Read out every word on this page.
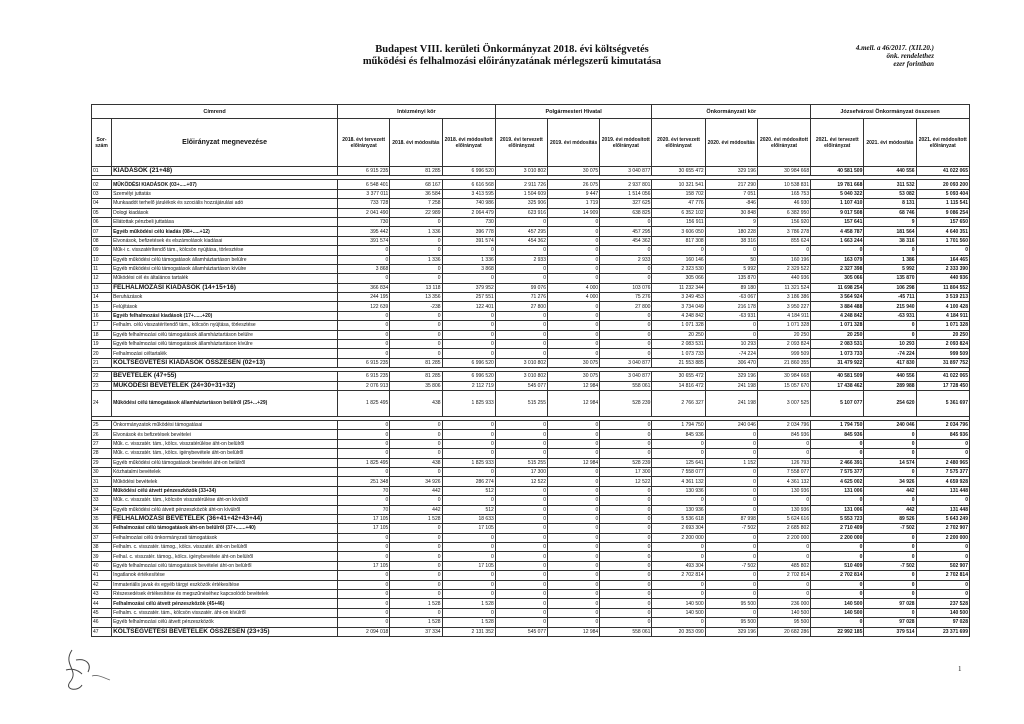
Budapest VIII. kerületi Önkormányzat 2018. évi költségvetés
működési és felhalmozási előirányzatának mérlegszerű kimutatása
4.mell. a 46/2017. (XII.20.)
önk. rendelethez
ezer forintban
Címrend		Intézményi kör			Polgármesteri Hivatal			Önkormányzati kör			Józsefvárosi Önkormányzat összesen		
Sor-szám	Előirányzat megnevezése	2018. évi tervezett előirányzat	2018. évi módosítás	2018. évi módosított előirányzat	2019. évi tervezett előirányzat	2019. évi módosítás	2019. évi módosított előirányzat	2020. évi tervezett előirányzat	2020. évi módosítás	2020. évi módosított előirányzat	2021. évi tervezett előirányzat	2021. évi módosítás	2021. évi módosított előirányzat
01	KIADÁSOK (21+48)	6 915 235	81 285	6 996 520	3 010 802	30 075	3 040 877	30 655 472	329 196	30 984 668	40 581 509	440 556	41 022 065

02	MŰKÖDÉSI KIADÁSOK (03+.....+07)	6 548 401	68 167	6 616 568	2 911 726	26 075	2 937 801	10 321 541	217 290	10 538 831	19 781 668	311 532	20 093 200
03	Személyi juttatás	3 377 011	36 584	3 413 595	1 504 609	9 447	1 514 056	158 702	7 051	165 753	5 040 322	53 082	5 093 404
04	Munkaadót terhelő járulékok és szociális hozzájárulási adó	733 728	7 258	740 986	325 906	1 719	327 625	47 776	-846	46 930	1 107 410	8 131	1 115 541
05	Dologi kiadások	2 041 490	22 989	2 064 479	623 916	14 909	638 825	6 352 102	30 848	6 382 950	9 017 508	68 746	9 086 254
06	Ellátottak pénzbeli juttatása	730	0	730	0	0	0	156 911	9	156 920	157 641	9	157 650
07	Egyéb működési célú kiadás (08+.....+12)	395 442	1 336	396 778	457 295	0	457 295	3 606 050	180 228	3 786 278	4 458 787	181 564	4 640 351
08	Elvonások, befizetések és elszámolások kiadásai	391 574	0	391 574	454 362	0	454 362	817 308	38 316	855 624	1 663 244	38 316	1 701 560
09	Műk-i c. visszatérítendő tám., kölcsön nyújtása, törlesztése	0	0	0	0	0	0	0	0	0	0	0	0
10	Egyéb működési célú támogatások államháztartáson belülre	0	1 336	1 336	2 933	0	2 933	160 146	50	160 196	163 079	1 386	164 465
11	Egyéb működési célú támogatások államháztartáson kívülre	3 868	0	3 868	0	0	0	2 323 530	5 992	2 329 522	2 327 398	5 992	2 333 390
12	Működési cél és általános tartalék	0	0	0	0	0	0	305 066	135 870	440 936	305 066	135 870	440 936
13	FELHALMOZÁSI KIADÁSOK (14+15+16)	366 834	13 118	379 952	99 076	4 000	103 076	11 232 344	89 180	11 321 524	11 698 254	106 298	11 804 552
14	Beruházások	244 195	13 356	257 551	71 276	4 000	75 276	3 249 453	-63 067	3 186 386	3 564 924	-45 711	3 519 213
15	Felújítások	122 639	-238	122 401	27 800	0	27 800	3 734 049	216 178	3 950 227	3 884 488	215 940	4 100 428
16	Egyéb felhalmozási kiadások (17+......+20)	0	0	0	0	0	0	4 248 842	-63 931	4 184 911	4 248 842	-63 931	4 184 911
17	Felhalm. célú visszatérítendő tám., kölcsön nyújtása, törlesztése	0	0	0	0	0	0	1 071 328	0	1 071 328	1 071 328	0	1 071 328
18	Egyéb felhalmozási célú támogatások államháztartáson belülre	0	0	0	0	0	0	20 250	0	20 250	20 250	0	20 250
19	Egyéb felhalmozási célú támogatások államháztartáson kívülre	0	0	0	0	0	0	2 083 531	10 293	2 093 824	2 083 531	10 293	2 093 824
20	Felhalmozási céltartalék	0	0	0	0	0	0	1 073 733	-74 224	999 509	1 073 733	-74 224	999 509
21	KÖLTSÉGVETÉSI KIADÁSOK ÖSSZESEN (02+13)	6 915 235	81 285	6 996 520	3 010 802	30 075	3 040 877	21 553 885	306 470	21 860 355	31 479 922	417 830	31 897 752

22	BEVÉTELEK (47+55)	6 915 235	81 285	6 996 520	3 010 802	30 075	3 040 877	30 655 472	329 196	30 984 668	40 581 509	440 556	41 022 065
23	MŰKÖDÉSI BEVÉTELEK (24+30+31+32)	2 076 913	35 806	2 112 719	545 077	12 984	558 061	14 816 472	241 198	15 057 670	17 438 462	289 988	17 728 450
24	Működési célú támogatások államháztartáson belülről (25+...+29)	1 825 495	438	1 825 933	515 255	12 984	528 239	2 766 327	241 198	3 007 525	5 107 077	254 620	5 361 697

25	Önkormányzatok működési támogatásai	0	0	0	0	0	0	1 794 750	240 046	2 034 796	1 794 750	240 046	2 034 796
26	Elvonások és befizetések bevételei	0	0	0	0	0	0	845 936	0	845 936	845 936	0	845 936
27	Műk. c. visszatér. tám., kölcs. visszatérülése áht-on belülről	0	0	0	0	0	0	0	0	0	0	0	0
28	Műk. c. visszatér. tám., kölcs. igénybevétele áht-on belülről	0	0	0	0	0	0	0	0	0	0	0	0
29	Egyéb működési célú támogatások bevételei áht-on belülről	1 825 495	438	1 825 933	515 255	12 984	528 239	125 641	1 152	126 793	2 466 391	14 574	2 480 965
30	Közhatalmi bevételek	0	0	0	17 300	0	17 300	7 558 077	0	7 558 077	7 575 377	0	7 575 377
31	Működési bevételek	251 348	34 926	286 274	12 522	0	12 522	4 361 132	0	4 361 132	4 625 002	34 926	4 659 928
32	Működési célú átvett pénzeszközök (33+34)	70	442	512	0	0	0	130 936	0	130 936	131 006	442	131 448
33	Műk. c. visszatér. tám., kölcsön visszatérülése áht-on kívülről	0	0	0	0	0	0	0	0	0	0	0	0
34	Egyéb működési célú átvett pénzeszközök áht-on kívülről	70	442	512	0	0	0	130 936	0	130 936	131 006	442	131 448
35	FELHALMOZÁSI BEVÉTELEK (36+41+42+43+44)	17 105	1 528	18 633	0	0	0	5 536 618	87 998	5 624 616	5 553 723	89 526	5 643 249
36	Felhalmozási célú támogatások áht-on belülről (37+.......+40)	17 105	0	17 105	0	0	0	2 693 304	-7 502	2 685 802	2 710 409	-7 502	2 702 907
37	Felhalmozási célú önkormányzati támogatások	0	0	0	0	0	0	2 200 000	0	2 200 000	2 200 000	0	2 200 000
38	Felhalm. c. visszatér. támog., kölcs. visszatér. áht-on belülről	0	0	0	0	0	0	0	0	0	0	0	0
39	Felhal. c. visszatér. támog., kölcs. igénybevétele áht-on belülről	0	0	0	0	0	0	0	0	0	0	0	0
40	Egyéb felhalmozási célú támogatások bevételei áht-on belülről	17 105	0	17 105	0	0	0	493 304	-7 502	485 802	510 409	-7 502	502 907
41	Ingatlanok értékesítése	0	0	0	0	0	0	2 702 814	0	2 702 814	2 702 814	0	2 702 814
42	Immateriális javak és egyéb tárgyi eszközök értékesítése	0	0	0	0	0	0	0	0	0	0	0	0
43	Részesedések értékesítése és megszűnéséhez kapcsolódó bevételek	0	0	0	0	0	0	0	0	0	0	0	0
44	Felhalmozási célú átvett pénzeszközök (45+46)	0	1 528	1 528	0	0	0	140 500	95 500	236 000	140 500	97 028	237 528
45	Felhalm. c. visszatér. tám., kölcsön visszatér. áht-on kívülről	0	0	0	0	0	0	140 500	0	140 500	140 500	0	140 500
46	Egyéb felhalmozási célú átvett pénzeszközök	0	1 528	1 528	0	0	0	0	95 500	95 500	0	97 028	97 028
47	KÖLTSÉGVETÉSI BEVÉTELEK ÖSSZESEN (23+35)	2 094 018	37 334	2 131 352	545 077	12 984	558 061	20 353 090	329 196	20 682 286	22 992 185	379 514	23 371 699
1
